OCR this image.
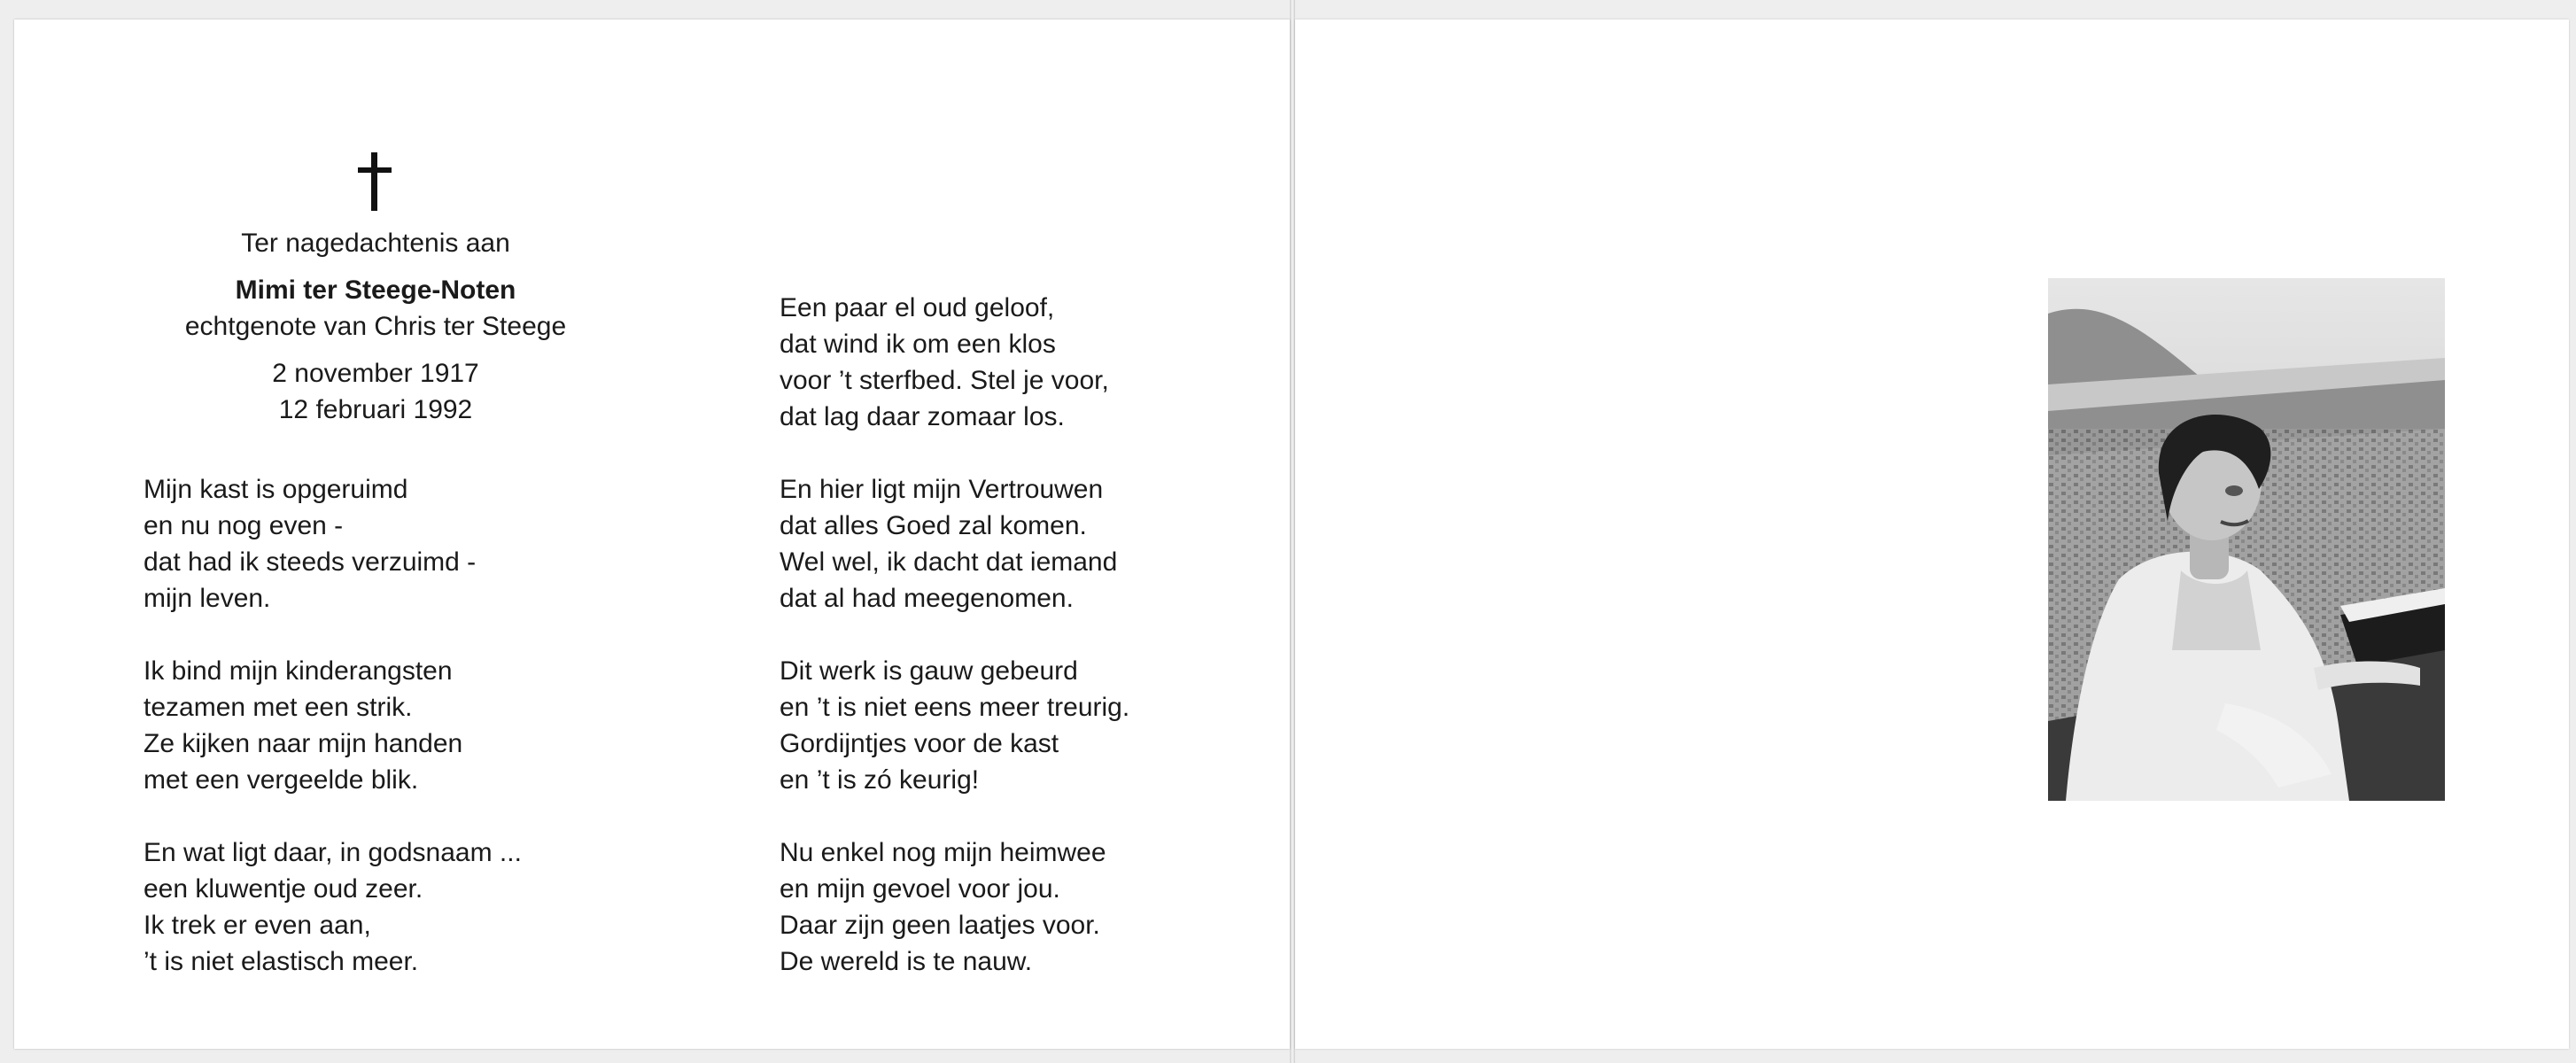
Ter nagedachtenis aan
Mimi ter Steege-Noten
echtgenote van Chris ter Steege
2 november 1917
12 februari 1992
Mijn kast is opgeruimd
en nu nog even -
dat had ik steeds verzuimd -
mijn leven.
Ik bind mijn kinderangsten
tezamen met een strik.
Ze kijken naar mijn handen
met een vergeelde blik.
En wat ligt daar, in godsnaam ...
een kluwentje oud zeer.
Ik trek er even aan,
’t is niet elastisch meer.
Een paar el oud geloof,
dat wind ik om een klos
voor ’t sterfbed. Stel je voor,
dat lag daar zomaar los.
En hier ligt mijn Vertrouwen
dat alles Goed zal komen.
Wel wel, ik dacht dat iemand
dat al had meegenomen.
Dit werk is gauw gebeurd
en ’t is niet eens meer treurig.
Gordijntjes voor de kast
en ’t is zó keurig!
Nu enkel nog mijn heimwee
en mijn gevoel voor jou.
Daar zijn geen laatjes voor.
De wereld is te nauw.
